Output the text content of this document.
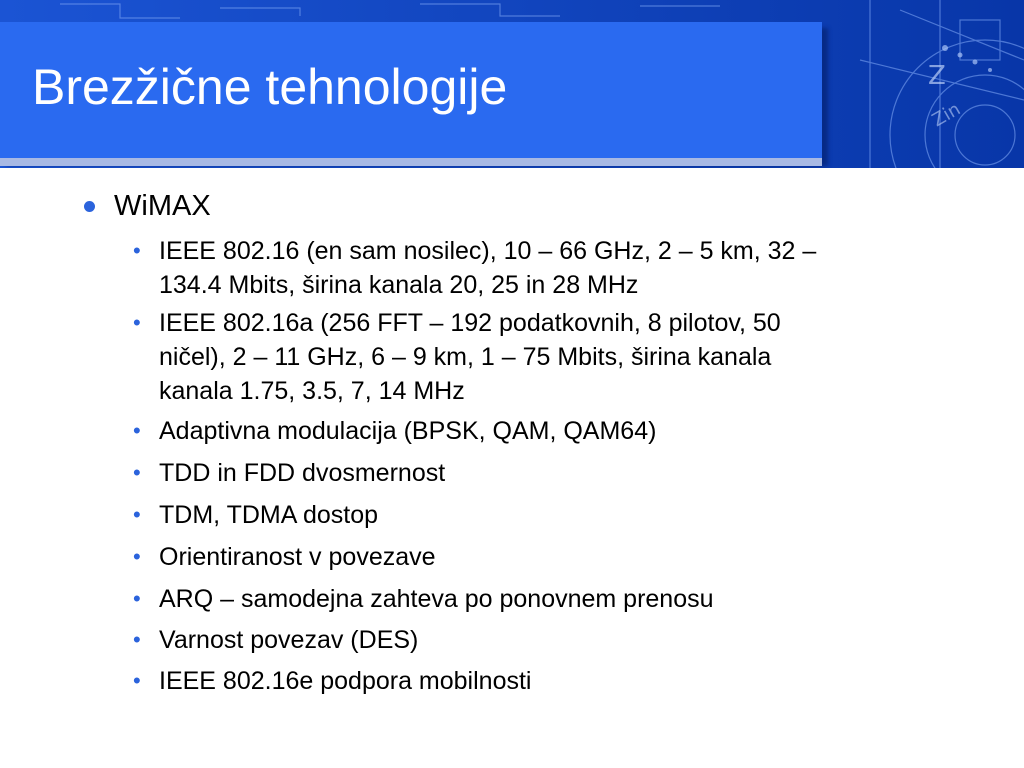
Z
Zin
Brezžične tehnologije
WiMAX
• IEEE 802.16 (en sam nosilec), 10 – 66 GHz, 2 – 5 km, 32 –
134.4 Mbits, širina kanala 20, 25 in 28 MHz
• IEEE 802.16a (256 FFT – 192 podatkovnih, 8 pilotov, 50
ničel), 2 – 11 GHz, 6 – 9 km, 1 – 75 Mbits, širina kanala
kanala 1.75, 3.5, 7, 14 MHz
• Adaptivna modulacija (BPSK, QAM, QAM64)
• TDD in FDD dvosmernost
• TDM, TDMA dostop
• Orientiranost v povezave
• ARQ – samodejna zahteva po ponovnem prenosu
• Varnost povezav (DES)
• IEEE 802.16e podpora mobilnosti
